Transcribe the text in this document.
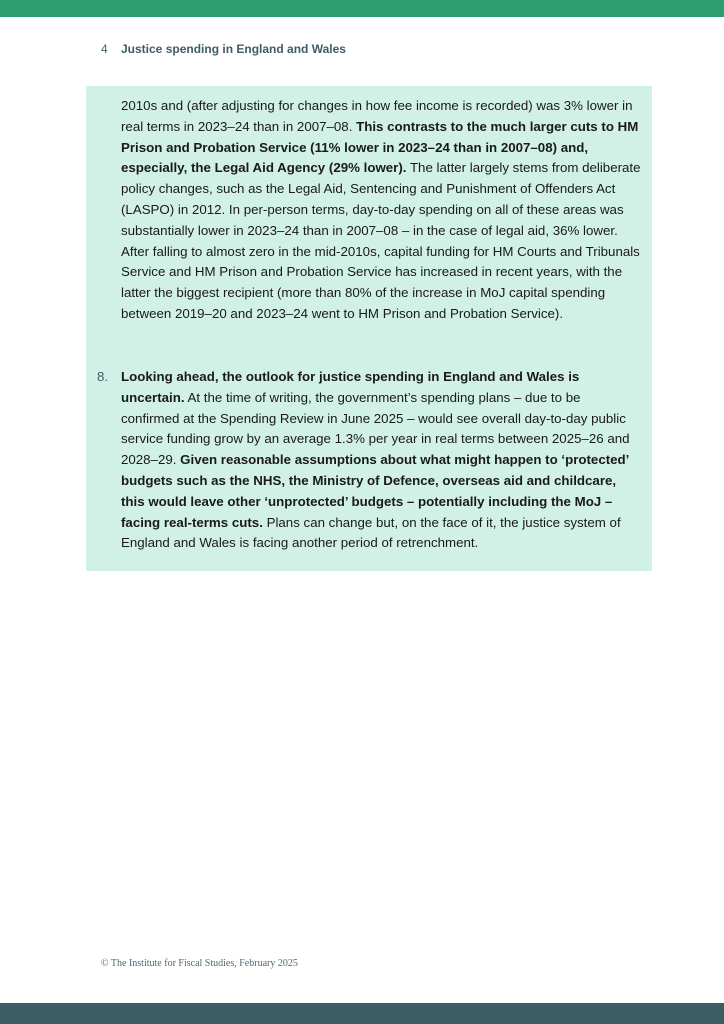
4 Justice spending in England and Wales
2010s and (after adjusting for changes in how fee income is recorded) was 3% lower in real terms in 2023–24 than in 2007–08. This contrasts to the much larger cuts to HM Prison and Probation Service (11% lower in 2023–24 than in 2007–08) and, especially, the Legal Aid Agency (29% lower). The latter largely stems from deliberate policy changes, such as the Legal Aid, Sentencing and Punishment of Offenders Act (LASPO) in 2012. In per-person terms, day-to-day spending on all of these areas was substantially lower in 2023–24 than in 2007–08 – in the case of legal aid, 36% lower. After falling to almost zero in the mid-2010s, capital funding for HM Courts and Tribunals Service and HM Prison and Probation Service has increased in recent years, with the latter the biggest recipient (more than 80% of the increase in MoJ capital spending between 2019–20 and 2023–24 went to HM Prison and Probation Service).
8. Looking ahead, the outlook for justice spending in England and Wales is uncertain. At the time of writing, the government’s spending plans – due to be confirmed at the Spending Review in June 2025 – would see overall day-to-day public service funding grow by an average 1.3% per year in real terms between 2025–26 and 2028–29. Given reasonable assumptions about what might happen to ‘protected’ budgets such as the NHS, the Ministry of Defence, overseas aid and childcare, this would leave other ‘unprotected’ budgets – potentially including the MoJ – facing real-terms cuts. Plans can change but, on the face of it, the justice system of England and Wales is facing another period of retrenchment.
© The Institute for Fiscal Studies, February 2025
